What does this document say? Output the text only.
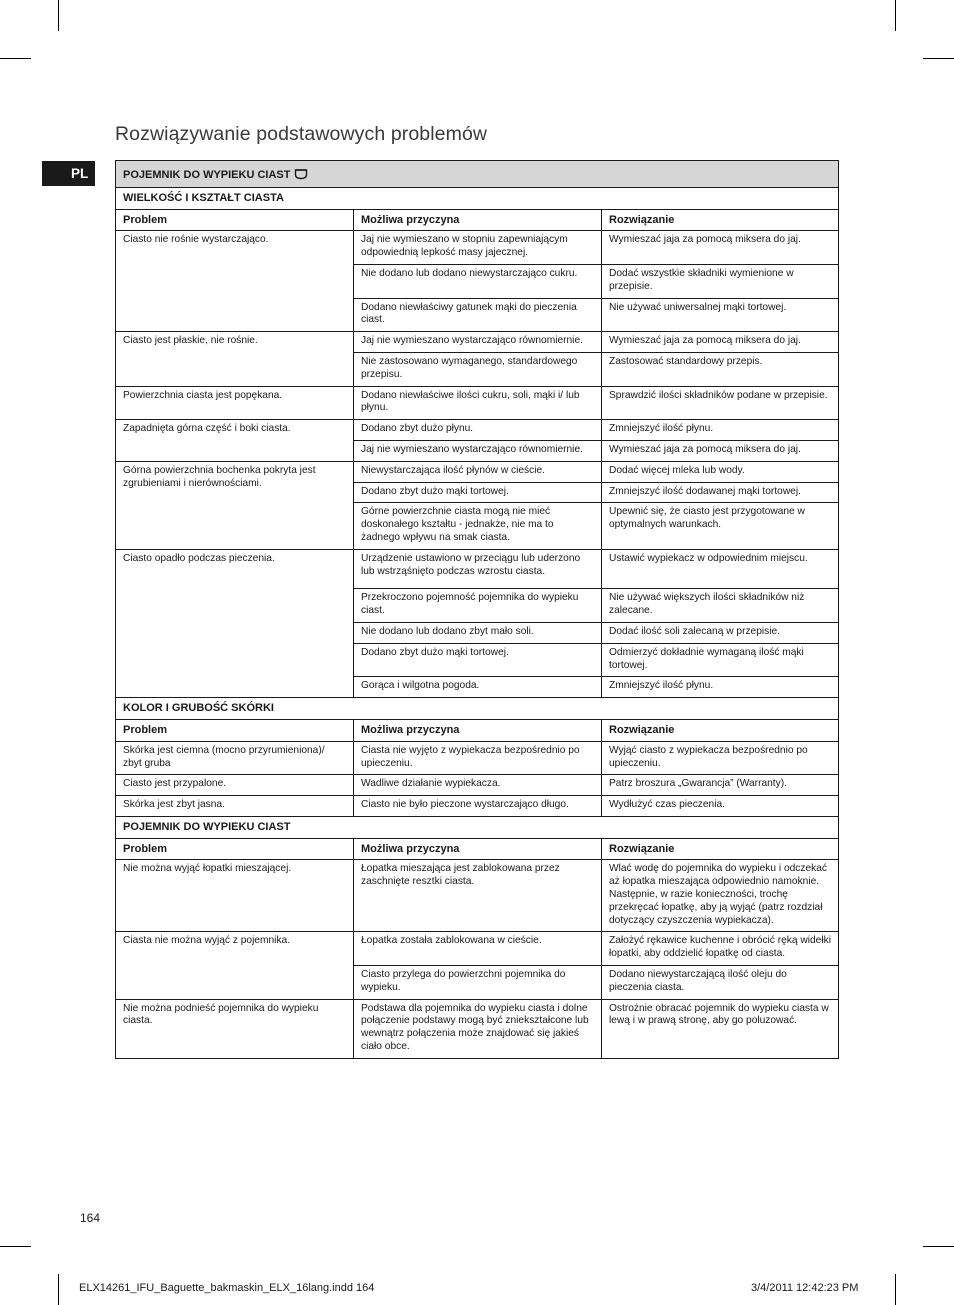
Rozwiązywanie podstawowych problemów
PL	POJEMNIK DO WYPIEKU CIAST		
WIELKOŚĆ I KSZTAŁT CIASTA		
Problem	Możliwa przyczyna	Rozwiązanie
Ciasto nie rośnie wystarczająco.	Jaj nie wymieszano w stopniu zapewniającym odpowiednią lepkość masy jajecznej.	Wymieszać jaja za pomocą miksera do jaj.
	Nie dodano lub dodano niewystarczająco cukru.	Dodać wszystkie składniki wymienione w przepisie.
	Dodano niewłaściwy gatunek mąki do pieczenia ciast.	Nie używać uniwersalnej mąki tortowej.
Ciasto jest płaskie, nie rośnie.	Jaj nie wymieszano wystarczająco równomiernie.	Wymieszać jaja za pomocą miksera do jaj.
	Nie zastosowano wymaganego, standardowego przepisu.	Zastosować standardowy przepis.
Powierzchnia ciasta jest popękana.	Dodano niewłaściwe ilości cukru, soli, mąki i/ lub płynu.	Sprawdzić ilości składników podane w przepisie.
Zapadnięta górna część i boki ciasta.	Dodano zbyt dużo płynu.	Zmniejszyć ilość płynu.
	Jaj nie wymieszano wystarczająco równomiernie.	Wymieszać jaja za pomocą miksera do jaj.
Górna powierzchnia bochenka pokryta jest zgrubieniami i nierównościami.	Niewystarczająca ilość płynów w cieście.	Dodać więcej mleka lub wody.
	Dodano zbyt dużo mąki tortowej.	Zmniejszyć ilość dodawanej mąki tortowej.
	Górne powierzchnie ciasta mogą nie mieć doskonałego kształtu - jednakże, nie ma to żadnego wpływu na smak ciasta.	Upewnić się, że ciasto jest przygotowane w optymalnych warunkach.
Ciasto opadło podczas pieczenia.	Urządzenie ustawiono w przeciągu lub uderzono lub wstrząśnięto podczas wzrostu ciasta.	Ustawić wypiekacz w odpowiednim miejscu.
	Przekroczono pojemność pojemnika do wypieku ciast.	Nie używać większych ilości składników niż zalecane.
	Nie dodano lub dodano zbyt mało soli.	Dodać ilość soli zalecaną w przepisie.
	Dodano zbyt dużo mąki tortowej.	Odmierzyć dokładnie wymaganą ilość mąki tortowej.
	Gorąca i wilgotna pogoda.	Zmniejszyć ilość płynu.
KOLOR I GRUBOŚĆ SKÓRKI		
Problem	Możliwa przyczyna	Rozwiązanie
Skórka jest ciemna (mocno przyrumieniona)/ zbyt gruba	Ciasta nie wyjęto z wypiekacza bezpośrednio po upieczeniu.	Wyjąć ciasto z wypiekacza bezpośrednio po upieczeniu.
Ciasto jest przypalone.	Wadliwe działanie wypiekacza.	Patrz broszura „Gwarancja” (Warranty).
Skórka jest zbyt jasna.	Ciasto nie było pieczone wystarczająco długo.	Wydłużyć czas pieczenia.
POJEMNIK DO WYPIEKU CIAST		
Problem	Możliwa przyczyna	Rozwiązanie
Nie można wyjąć łopatki mieszającej.	Łopatka mieszająca jest zablokowana przez zaschnięte resztki ciasta.	Wlać wodę do pojemnika do wypieku i odczekać aż łopatka mieszająca odpowiednio namoknie. Następnie, w razie konieczności, trochę przekręcać łopatkę, aby ją wyjąć (patrz rozdział dotyczący czyszczenia wypiekacza).
Ciasta nie można wyjąć z pojemnika.	Łopatka została zablokowana w cieście.	Założyć rękawice kuchenne i obrócić ręką widełki łopatki, aby oddzielić łopatkę od ciasta.
	Ciasto przylega do powierzchni pojemnika do wypieku.	Dodano niewystarczającą ilość oleju do pieczenia ciasta.
Nie można podnieść pojemnika do wypieku ciasta.	Podstawa dla pojemnika do wypieku ciasta i dolne połączenie podstawy mogą być zniekształcone lub wewnątrz połączenia może znajdować się jakieś ciało obce.	Ostrożnie obracać pojemnik do wypieku ciasta w lewą i w prawą stronę, aby go poluzować.
164
ELX14261_IFU_Baguette_bakmaskin_ELX_16lang.indd 164	3/4/2011 12:42:23 PM
